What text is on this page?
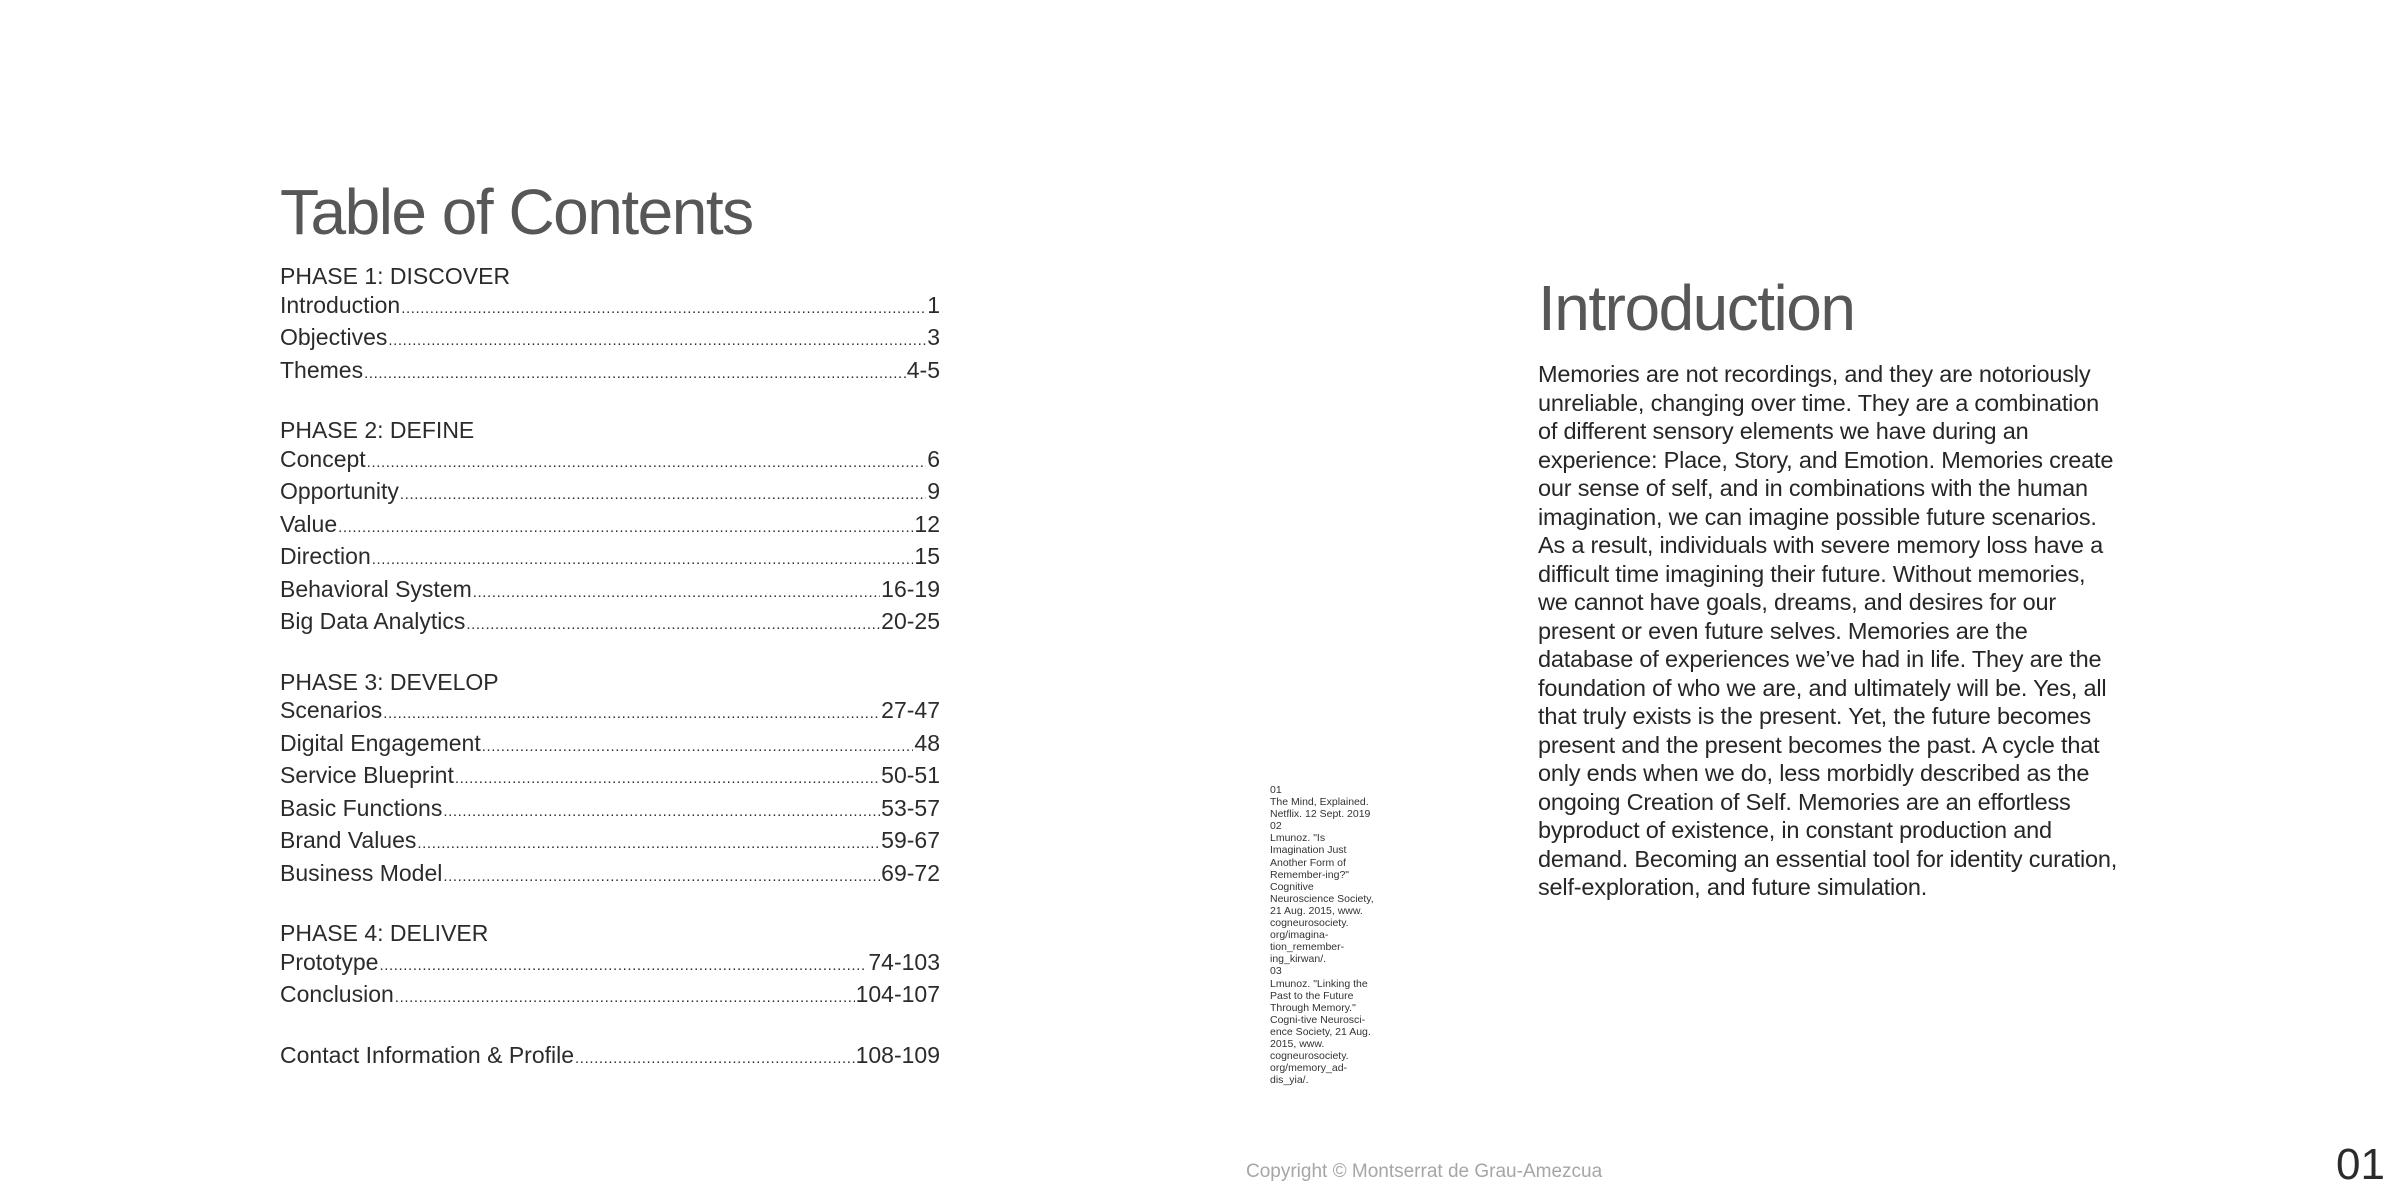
Table of Contents
PHASE 1: DISCOVER
Introduction .....	1
Objectives .....	3
Themes .....	4-5
PHASE 2: DEFINE
Concept .....	6
Opportunity .....	9
Value .....	12
Direction .....	15
Behavioral System .....	16-19
Big Data Analytics .....	20-25
PHASE 3: DEVELOP
Scenarios .....	27-47
Digital Engagement .....	48
Service Blueprint .....	50-51
Basic Functions .....	53-57
Brand Values .....	59-67
Business Model .....	69-72
PHASE 4: DELIVER
Prototype .....	74-103
Conclusion .....	104-107
Contact Information & Profile .....	108-109
01
The Mind, Explained. Netflix. 12 Sept. 2019
02
Lmunoz. "Is Imagination Just Another Form of Remember-ing?" Cognitive Neuroscience Society, 21 Aug. 2015, www. cogneurosociety. org/imagina-tion_remember-ing_kirwan/.
03
Lmunoz. "Linking the Past to the Future Through Memory." Cogni-tive Neurosci-ence Society, 21 Aug. 2015, www. cogneurosociety. org/memory_ad-dis_yia/.
Introduction

Memories are not recordings, and they are notoriously unreliable, changing over time. They are a combination of different sensory elements we have during an experience: Place, Story, and Emotion. Memories create our sense of self, and in combinations with the human imagination, we can imagine possible future scenarios. As a result, individuals with severe memory loss have a difficult time imagining their future. Without memories, we cannot have goals, dreams, and desires for our present or even future selves. Memories are the database of experiences we’ve had in life. They are the foundation of who we are, and ultimately will be. Yes, all that truly exists is the present. Yet, the future becomes present and the present becomes the past. A cycle that only ends when we do, less morbidly described as the ongoing Creation of Self. Memories are an effortless byproduct of existence, in constant production and demand. Becoming an essential tool for identity curation, self-exploration, and future simulation.

Copyright © Montserrat de Grau-Amezcua	01
